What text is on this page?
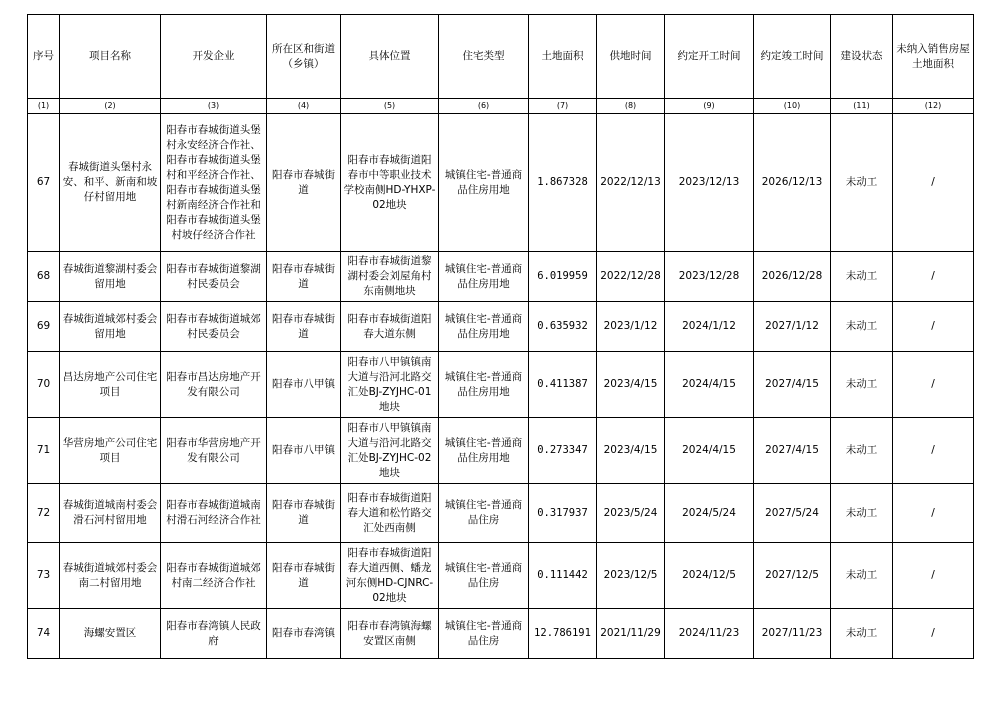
序号	项目名称	开发企业	所在区和街道（乡镇）	具体位置	住宅类型	土地面积	供地时间	约定开工时间	约定竣工时间	建设状态	未纳入销售房屋土地面积
(1)	(2)	(3)	(4)	(5)	(6)	(7)	(8)	(9)	(10)	(11)	(12)
67	春城街道头堡村永安、和平、新南和坡仔村留用地	阳春市春城街道头堡村永安经济合作社、阳春市春城街道头堡村和平经济合作社、阳春市春城街道头堡村新南经济合作社和阳春市春城街道头堡村坡仔经济合作社	阳春市春城街道	阳春市春城街道阳春市中等职业技术学校南侧HD-YHXP-02地块	城镇住宅-普通商品住房用地	1.867328	2022/12/13	2023/12/13	2026/12/13	未动工	/
68	春城街道黎湖村委会留用地	阳春市春城街道黎湖村民委员会	阳春市春城街道	阳春市春城街道黎湖村委会刘屋角村东南侧地块	城镇住宅-普通商品住房用地	6.019959	2022/12/28	2023/12/28	2026/12/28	未动工	/
69	春城街道城郊村委会留用地	阳春市春城街道城郊村民委员会	阳春市春城街道	阳春市春城街道阳春大道东侧	城镇住宅-普通商品住房用地	0.635932	2023/1/12	2024/1/12	2027/1/12	未动工	/
70	昌达房地产公司住宅项目	阳春市昌达房地产开发有限公司	阳春市八甲镇	阳春市八甲镇镇南大道与沿河北路交汇处BJ-ZYJHC-01地块	城镇住宅-普通商品住房用地	0.411387	2023/4/15	2024/4/15	2027/4/15	未动工	/
71	华营房地产公司住宅项目	阳春市华营房地产开发有限公司	阳春市八甲镇	阳春市八甲镇镇南大道与沿河北路交汇处BJ-ZYJHC-02地块	城镇住宅-普通商品住房用地	0.273347	2023/4/15	2024/4/15	2027/4/15	未动工	/
72	春城街道城南村委会滑石河村留用地	阳春市春城街道城南村滑石河经济合作社	阳春市春城街道	阳春市春城街道阳春大道和松竹路交汇处西南侧	城镇住宅-普通商品住房	0.317937	2023/5/24	2024/5/24	2027/5/24	未动工	/
73	春城街道城郊村委会南二村留用地	阳春市春城街道城郊村南二经济合作社	阳春市春城街道	阳春市春城街道阳春大道西侧、蟠龙河东侧HD-CJNRC-02地块	城镇住宅-普通商品住房	0.111442	2023/12/5	2024/12/5	2027/12/5	未动工	/
74	海螺安置区	阳春市春湾镇人民政府	阳春市春湾镇	阳春市春湾镇海螺安置区南侧	城镇住宅-普通商品住房	12.786191	2021/11/29	2024/11/23	2027/11/23	未动工	/
